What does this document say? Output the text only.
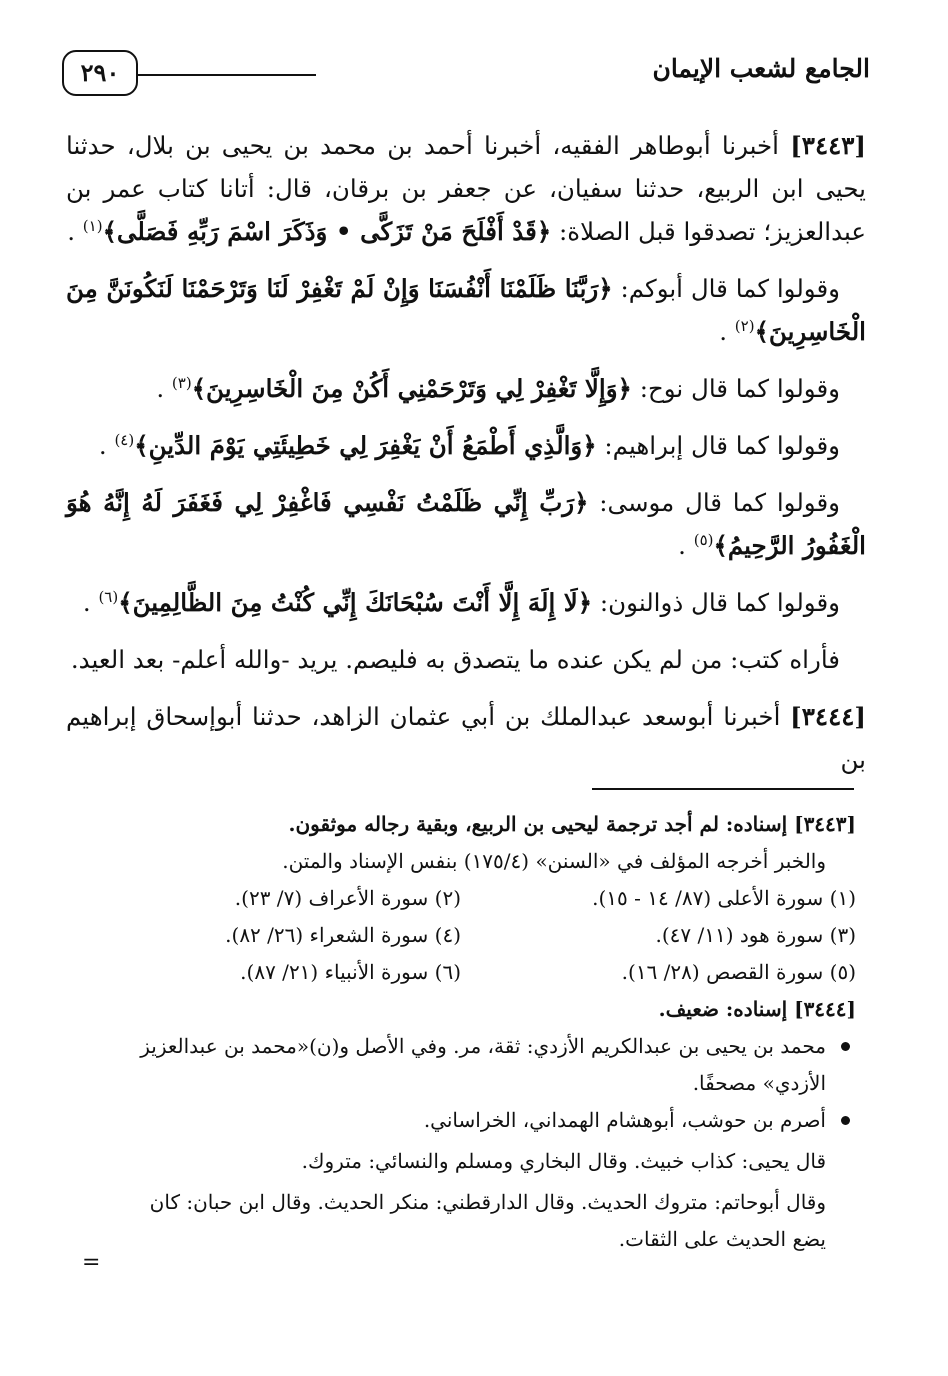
٢٩٠	الجامع لشعب الإيمان

[٣٤٤٣] أخبرنا أبوطاهر الفقيه، أخبرنا أحمد بن محمد بن يحيى بن بلال، حدثنا يحيى ابن الربيع، حدثنا سفيان، عن جعفر بن برقان، قال: أتانا كتاب عمر بن عبدالعزيز؛ تصدقوا قبل الصلاة: ﴿قَدْ أَفْلَحَ مَنْ تَزَكَّى • وَذَكَرَ اسْمَ رَبِّهِ فَصَلَّى﴾$^{(١)}$ .

وقولوا كما قال أبوكم: ﴿رَبَّنَا ظَلَمْنَا أَنْفُسَنَا وَإِنْ لَمْ تَغْفِرْ لَنَا وَتَرْحَمْنَا لَنَكُونَنَّ مِنَ الْخَاسِرِينَ﴾$^{(٢)}$ .

وقولوا كما قال نوح: ﴿وَإِلَّا تَغْفِرْ لِي وَتَرْحَمْنِي أَكُنْ مِنَ الْخَاسِرِينَ﴾$^{(٣)}$ .

وقولوا كما قال إبراهيم: ﴿وَالَّذِي أَطْمَعُ أَنْ يَغْفِرَ لِي خَطِيئَتِي يَوْمَ الدِّينِ﴾$^{(٤)}$ .

وقولوا كما قال موسى: ﴿رَبِّ إِنِّي ظَلَمْتُ نَفْسِي فَاغْفِرْ لِي فَغَفَرَ لَهُ إِنَّهُ هُوَ الْغَفُورُ الرَّحِيمُ﴾$^{(٥)}$ .

وقولوا كما قال ذوالنون: ﴿لَا إِلَهَ إِلَّا أَنْتَ سُبْحَانَكَ إِنِّي كُنْتُ مِنَ الظَّالِمِينَ﴾$^{(٦)}$ .

فأراه كتب: من لم يكن عنده ما يتصدق به فليصم. يريد -والله أعلم- بعد العيد.

[٣٤٤٤] أخبرنا أبوسعد عبدالملك بن أبي عثمان الزاهد، حدثنا أبوإسحاق إبراهيم بن

[٣٤٤٣] إسناده: لم أجد ترجمة ليحيى بن الربيع، وبقية رجاله موثقون.

والخبر أخرجه المؤلف في «السنن» (١٧٥/٤) بنفس الإسناد والمتن.

(١) سورة الأعلى (٨٧/ ١٤ - ١٥).
(٢) سورة الأعراف (٧/ ٢٣).
(٣) سورة هود (١١/ ٤٧).
(٤) سورة الشعراء (٢٦/ ٨٢).
(٥) سورة القصص (٢٨/ ١٦).
(٦) سورة الأنبياء (٢١/ ٨٧).

[٣٤٤٤] إسناده: ضعيف.

محمد بن يحيى بن عبدالكريم الأزدي: ثقة، مر. وفي الأصل و(ن)«محمد بن عبدالعزيز
الأزدي» مصحفًا.
أصرم بن حوشب، أبوهشام الهمداني، الخراساني.

قال يحيى: كذاب خبيث. وقال البخاري ومسلم والنسائي: متروك.

وقال أبوحاتم: متروك الحديث. وقال الدارقطني: منكر الحديث. وقال ابن حبان: كان
يضع الحديث على الثقات.
=
